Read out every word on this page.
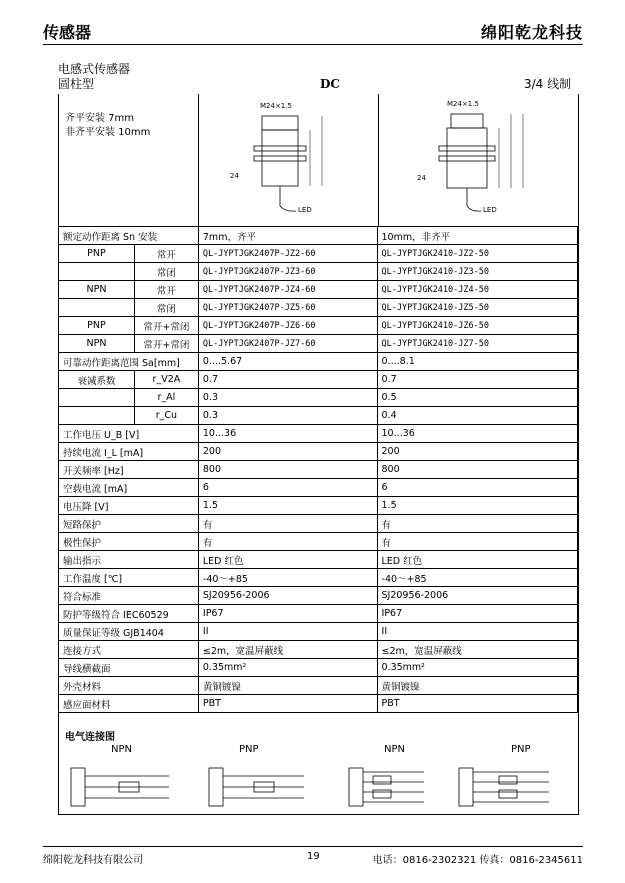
传感器	绵阳乾龙科技
电感式传感器
圆柱型	DC	3/4 线制
齐平安装 7mm
非齐平安装 10mm
M24×1.5
LED
24
M24×1.5
LED
24
额定动作距离 Sn 安装		7mm，齐平	10mm，非齐平
PNP	常开	QL-JYPTJGK2407P-JZ2-60	QL-JYPTJGK2410-JZ2-50
	常闭	QL-JYPTJGK2407P-JZ3-60	QL-JYPTJGK2410-JZ3-50
NPN	常开	QL-JYPTJGK2407P-JZ4-60	QL-JYPTJGK2410-JZ4-50
	常闭	QL-JYPTJGK2407P-JZ5-60	QL-JYPTJGK2410-JZ5-50
PNP	常开+常闭	QL-JYPTJGK2407P-JZ6-60	QL-JYPTJGK2410-JZ6-50
NPN	常开+常闭	QL-JYPTJGK2407P-JZ7-60	QL-JYPTJGK2410-JZ7-50
可靠动作距离范围 Sa[mm]		0....5.67	0....8.1
衰减系数	r_V2A	0.7	0.7
	r_Al	0.3	0.5
	r_Cu	0.3	0.4
工作电压 U_B [V]		10...36	10...36
持续电流 I_L [mA]		200	200
开关频率 [Hz]		800	800
空载电流 [mA]		6	6
电压降 [V]		1.5	1.5
短路保护		有	有
极性保护		有	有
输出指示		LED 红色	LED 红色
工作温度 [℃]		-40～+85	-40～+85
符合标准		SJ20956-2006	SJ20956-2006
防护等级符合 IEC60529		IP67	IP67
质量保证等级 GJB1404		II	II
连接方式		≤2m，宽温屏蔽线	≤2m，宽温屏蔽线
导线横截面		0.35mm²	0.35mm²
外壳材料		黄铜镀镍	黄铜镀镍
感应面材料		PBT	PBT
电气连接图
NPN	PNP	NPN	PNP
绵阳乾龙科技有限公司	19	电话：0816-2302321 传真：0816-2345611
